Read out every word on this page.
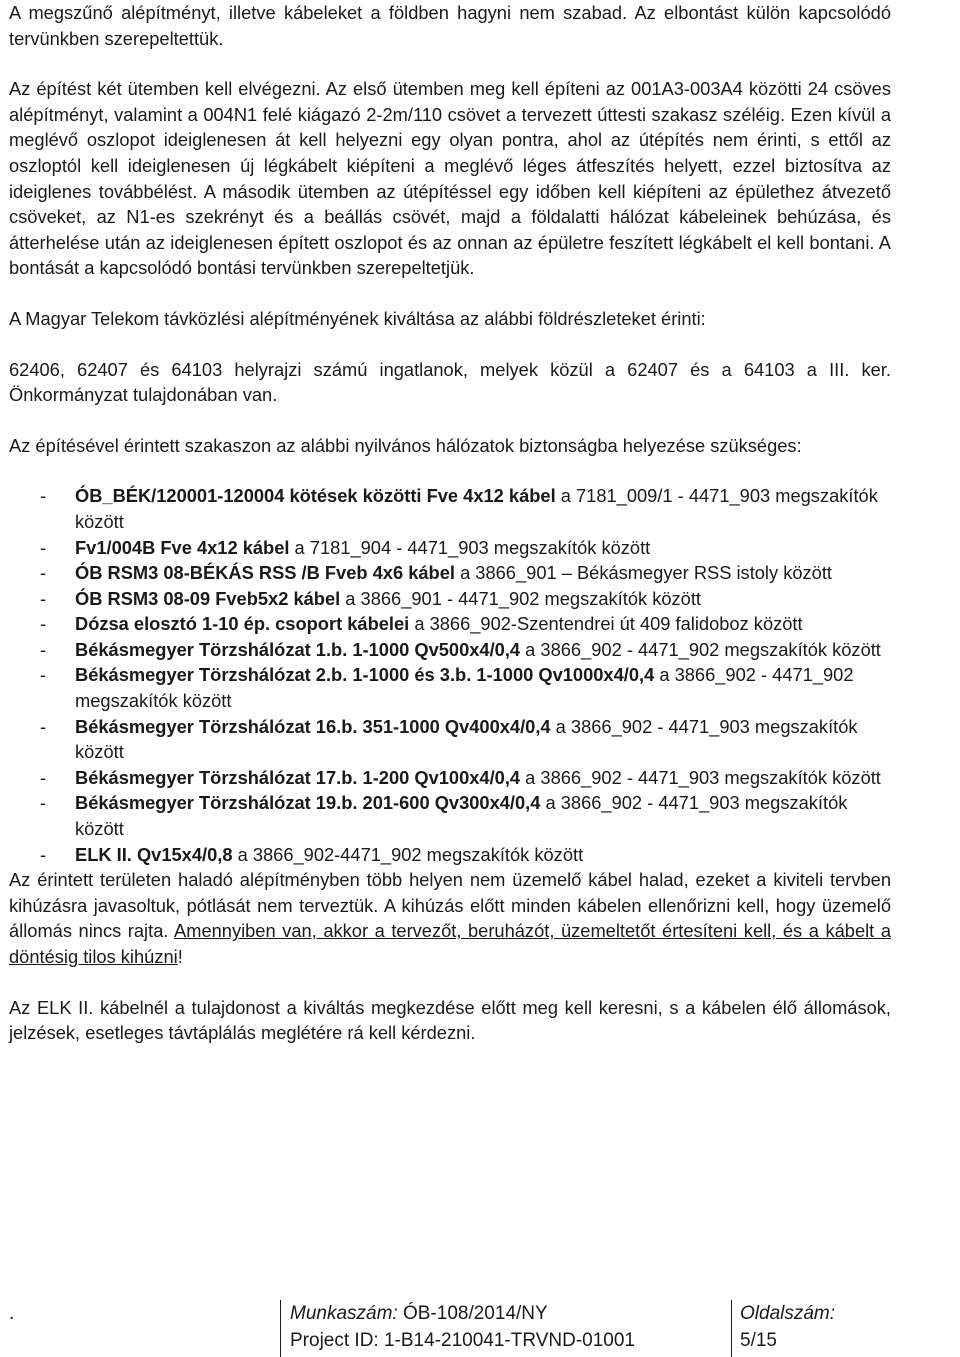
A megszűnő alépítményt, illetve kábeleket a földben hagyni nem szabad. Az elbontást külön kapcsolódó tervünkben szerepeltettük.

Az építést két ütemben kell elvégezni. Az első ütemben meg kell építeni az 001A3-003A4 közötti 24 csöves alépítményt, valamint a 004N1 felé kiágazó 2-2m/110 csövet a tervezett úttesti szakasz széléig. Ezen kívül a meglévő oszlopot ideiglenesen át kell helyezni egy olyan pontra, ahol az útépítés nem érinti, s ettől az oszloptól kell ideiglenesen új légkábelt kiépíteni a meglévő léges átfeszítés helyett, ezzel biztosítva az ideiglenes továbbélést. A második ütemben az útépítéssel egy időben kell kiépíteni az épülethez átvezető csöveket, az N1-es szekrényt és a beállás csövét, majd a földalatti hálózat kábeleinek behúzása, és átterhelése után az ideiglenesen épített oszlopot és az onnan az épületre feszített légkábelt el kell bontani. A bontását a kapcsolódó bontási tervünkben szerepeltetjük.

A Magyar Telekom távközlési alépítményének kiváltása az alábbi földrészleteket érinti:

62406, 62407 és 64103 helyrajzi számú ingatlanok, melyek közül a 62407 és a 64103 a III. ker. Önkormányzat tulajdonában van.

Az építésével érintett szakaszon az alábbi nyilvános hálózatok biztonságba helyezése szükséges:

- ÓB_BÉK/120001-120004 kötések közötti Fve 4x12 kábel a 7181_009/1 - 4471_903 megszakítók között
- Fv1/004B Fve 4x12 kábel a 7181_904 - 4471_903 megszakítók között
- ÓB RSM3 08-BÉKÁS RSS /B Fveb 4x6 kábel a 3866_901 – Békásmegyer RSS istoly között
- ÓB RSM3 08-09 Fveb5x2 kábel a 3866_901 - 4471_902 megszakítók között
- Dózsa elosztó 1-10 ép. csoport kábelei a 3866_902-Szentendrei út 409 falidoboz között
- Békásmegyer Törzshálózat 1.b. 1-1000 Qv500x4/0,4 a 3866_902 - 4471_902 megszakítók között
- Békásmegyer Törzshálózat 2.b. 1-1000 és 3.b. 1-1000 Qv1000x4/0,4 a 3866_902 - 4471_902 megszakítók között
- Békásmegyer Törzshálózat 16.b. 351-1000 Qv400x4/0,4 a 3866_902 - 4471_903 megszakítók között
- Békásmegyer Törzshálózat 17.b. 1-200 Qv100x4/0,4 a 3866_902 - 4471_903 megszakítók között
- Békásmegyer Törzshálózat 19.b. 201-600 Qv300x4/0,4 a 3866_902 - 4471_903 megszakítók között
- ELK II. Qv15x4/0,8 a 3866_902-4471_902 megszakítók között

Az érintett területen haladó alépítményben több helyen nem üzemelő kábel halad, ezeket a kiviteli tervben kihúzásra javasoltuk, pótlását nem terveztük. A kihúzás előtt minden kábelen ellenőrizni kell, hogy üzemelő állomás nincs rajta. Amennyiben van, akkor a tervezőt, beruházót, üzemeltetőt értesíteni kell, és a kábelt a döntésig tilos kihúzni!

Az ELK II. kábelnél a tulajdonost a kiváltás megkezdése előtt meg kell keresni, s a kábelen élő állomások, jelzések, esetleges távtáplálás meglétére rá kell kérdezni.

.	Munkaszám: ÓB-108/2014/NY
Project ID: 1-B14-210041-TRVND-01001
Oldalszám:
5/15
